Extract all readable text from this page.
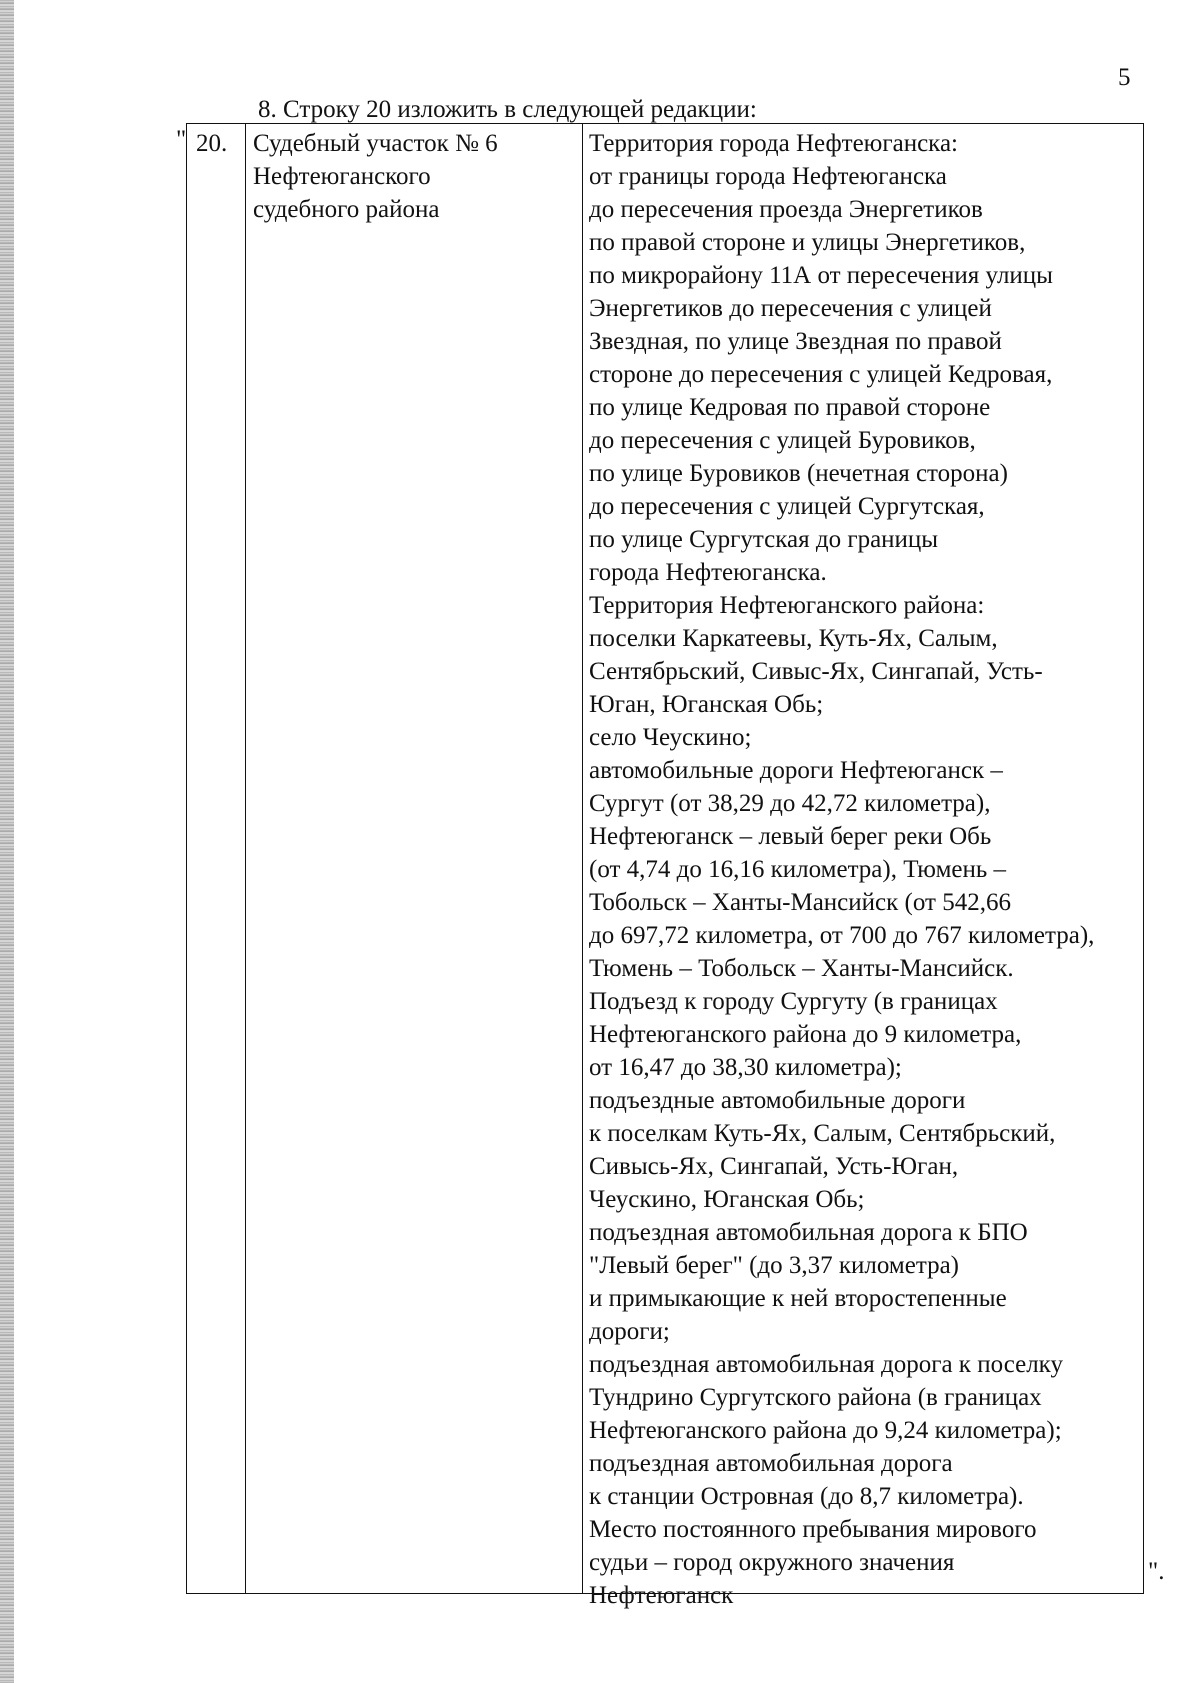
5
8. Строку 20 изложить в следующей редакции:
" 20. Судебный участок № 6
Нефтеюганского
судебного района
Территория города Нефтеюганска:
от границы города Нефтеюганска
до пересечения проезда Энергетиков
по правой стороне и улицы Энергетиков,
по микрорайону 11А от пересечения улицы
Энергетиков до пересечения с улицей
Звездная, по улице Звездная по правой
стороне до пересечения с улицей Кедровая,
по улице Кедровая по правой стороне
до пересечения с улицей Буровиков,
по улице Буровиков (нечетная сторона)
до пересечения с улицей Сургутская,
по улице Сургутская до границы
города Нефтеюганска.
Территория Нефтеюганского района:
поселки Каркатеевы, Куть-Ях, Салым,
Сентябрьский, Сивыс-Ях, Сингапай, Усть-
Юган, Юганская Обь;
село Чеускино;
автомобильные дороги Нефтеюганск –
Сургут (от 38,29 до 42,72 километра),
Нефтеюганск – левый берег реки Обь
(от 4,74 до 16,16 километра), Тюмень –
Тобольск – Ханты-Мансийск (от 542,66
до 697,72 километра, от 700 до 767 километра),
Тюмень – Тобольск – Ханты-Мансийск.
Подъезд к городу Сургуту (в границах
Нефтеюганского района до 9 километра,
от 16,47 до 38,30 километра);
подъездные автомобильные дороги
к поселкам Куть-Ях, Салым, Сентябрьский,
Сивысь-Ях, Сингапай, Усть-Юган,
Чеускино, Юганская Обь;
подъездная автомобильная дорога к БПО
"Левый берег" (до 3,37 километра)
и примыкающие к ней второстепенные
дороги;
подъездная автомобильная дорога к поселку
Тундрино Сургутского района (в границах
Нефтеюганского района до 9,24 километра);
подъездная автомобильная дорога
к станции Островная (до 8,7 километра).
Место постоянного пребывания мирового
судьи – город окружного значения
Нефтеюганск
".
